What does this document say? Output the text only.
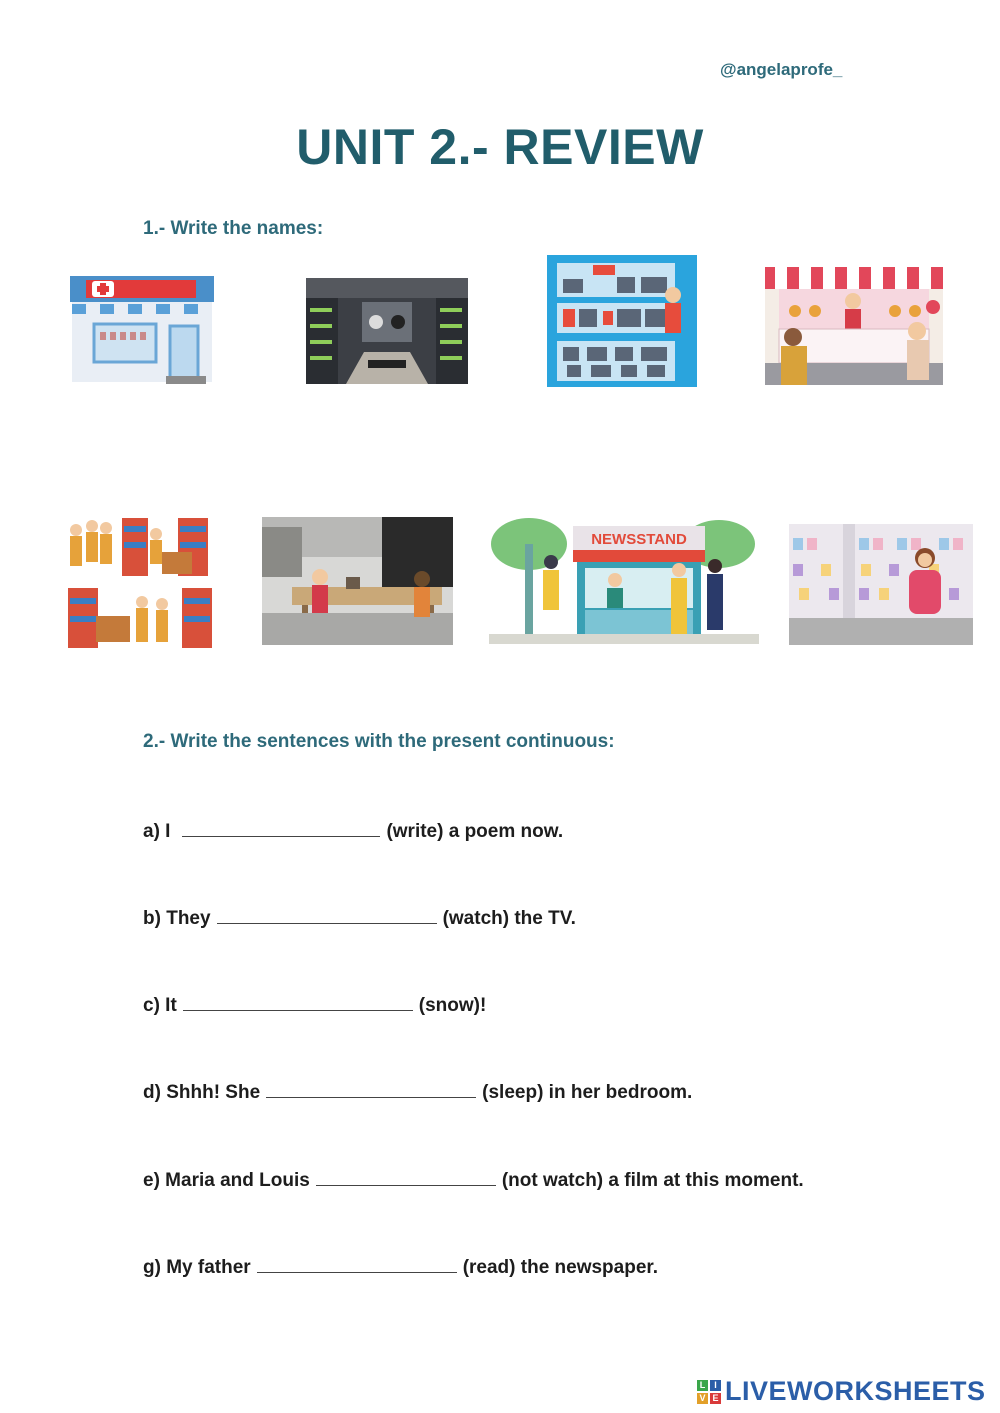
@angelaprofe_
UNIT 2.- REVIEW
1.- Write the names:
NEWSSTAND
2.- Write the sentences with the present continuous:
a) I	(write) a poem now.
b) They	(watch) the TV.
c) It	(snow)!
d) Shhh! She	(sleep) in her bedroom.
e) Maria and Louis	(not watch) a film at this moment.
g) My father	(read) the newspaper.
L I
V E LIVEWORKSHEETS
